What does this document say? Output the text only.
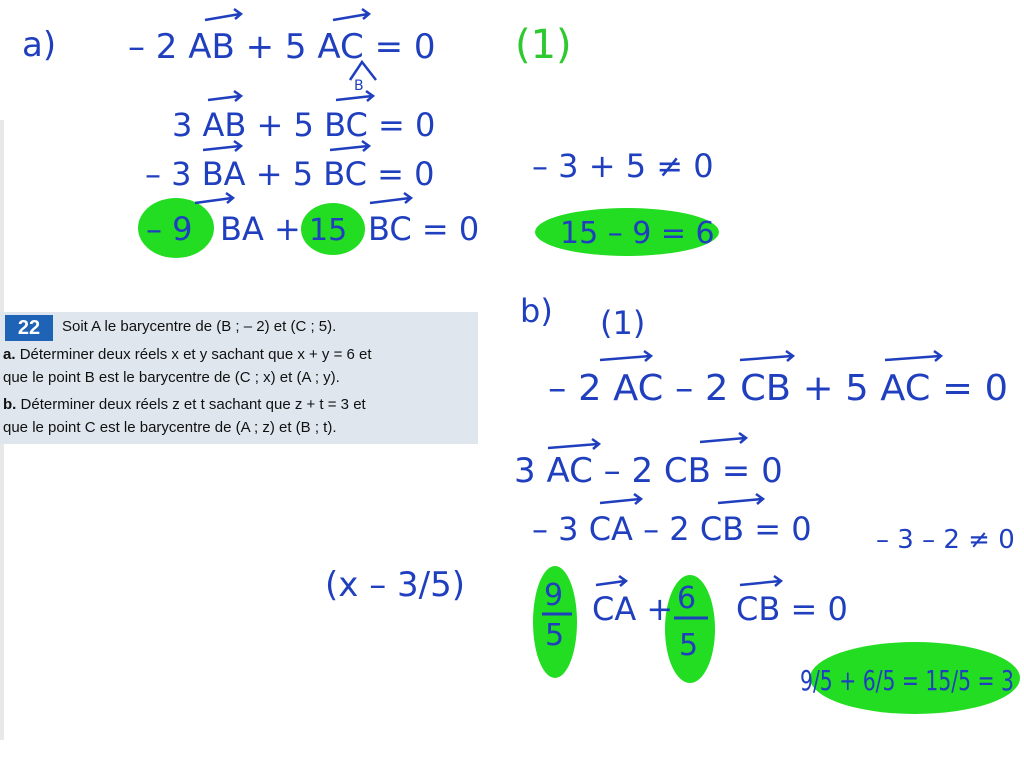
22	Soit A le barycentre de (B ; – 2) et (C ; 5).
a. Déterminer deux réels x et y sachant que x + y = 6 et
que le point B est le barycentre de (C ; x) et (A ; y).
b. Déterminer deux réels z et t sachant que z + t = 3 et
que le point C est le barycentre de (A ; z) et (B ; t).
a) – 2 AB + 5 AC = 0
B
(1)
3 AB + 5 BC = 0
– 3 BA + 5 BC = 0	– 3 + 5 ≠ 0
– 9 BA + 15 BC = 0	15 – 9 = 6
b) (1)
– 2 AC – 2 CB + 5 AC = 0
3 AC – 2 CB = 0
– 3 CA – 2 CB = 0 – 3 – 2 ≠ 0
9
5
CA + 6
5
CB = 0
9/5 + 6/5 = 15/5 = 3
(x – 3/5)
